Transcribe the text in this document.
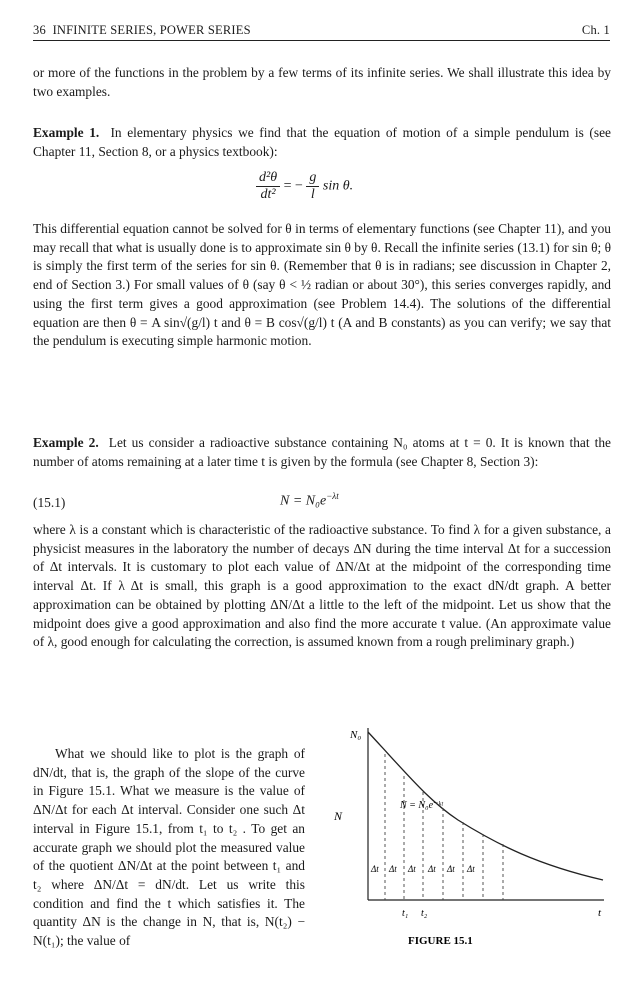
36 INFINITE SERIES, POWER SERIES	Ch. 1

or more of the functions in the problem by a few terms of its infinite series. We shall illustrate this idea by two examples.

Example 1. In elementary physics we find that the equation of motion of a simple pendulum is (see Chapter 11, Section 8, or a physics textbook):

$\frac{\text{d²θ}}{\text{dt²}}$ = − $\frac{g}{l}$ sin θ.

This differential equation cannot be solved for θ in terms of elementary functions (see Chapter 11), and you may recall that what is usually done is to approximate sin θ by θ. Recall the infinite series (13.1) for sin θ; θ is simply the first term of the series for sin θ. (Remember that θ is in radians; see discussion in Chapter 2, end of Section 3.) For small values of θ (say θ < ½ radian or about 30°), this series converges rapidly, and using the first term gives a good approximation (see Problem 14.4). The solutions of the differential equation are then θ = A sin√(g/l) t and θ = B cos√(g/l) t (A and B constants) as you can verify; we say that the pendulum is executing simple harmonic motion.

Example 2. Let us consider a radioactive substance containing N₀ atoms at t = 0. It is known that the number of atoms remaining at a later time t is given by the formula (see Chapter 8, Section 3):

(15.1)	$N = N_0e^{-\lambda t}$

where λ is a constant which is characteristic of the radioactive substance. To find λ for a given substance, a physicist measures in the laboratory the number of decays ΔN during the time interval Δt for a succession of Δt intervals. It is customary to plot each value of ΔN/Δt at the midpoint of the corresponding time interval Δt. If λ Δt is small, this graph is a good approximation to the exact dN/dt graph. A better approximation can be obtained by plotting ΔN/Δt a little to the left of the midpoint. Let us show that the midpoint does give a good approximation and also find the more accurate t value. (An approximate value of λ, good enough for calculating the correction, is assumed known from a rough preliminary graph.)

What we should like to plot is the graph of dN/dt, that is, the graph of the slope of the curve in Figure 15.1. What we measure is the value of ΔN/Δt for each Δt interval. Consider one such Δt interval in Figure 15.1, from t₁ to t₂ . To get an accurate graph we should plot the measured value of the quotient ΔN/Δt at the point between t₁ and t₂ where ΔN/Δt = dN/dt. Let us write this condition and find the t which satisfies it. The quantity ΔN is the change in N, that is, N(t₂) − N(t₁); the value of

N₀
N
N = N₀e⁻ᵏᵗ
Δt Δt Δt Δt Δt Δt
t₁ t₂	t
FIGURE 15.1
